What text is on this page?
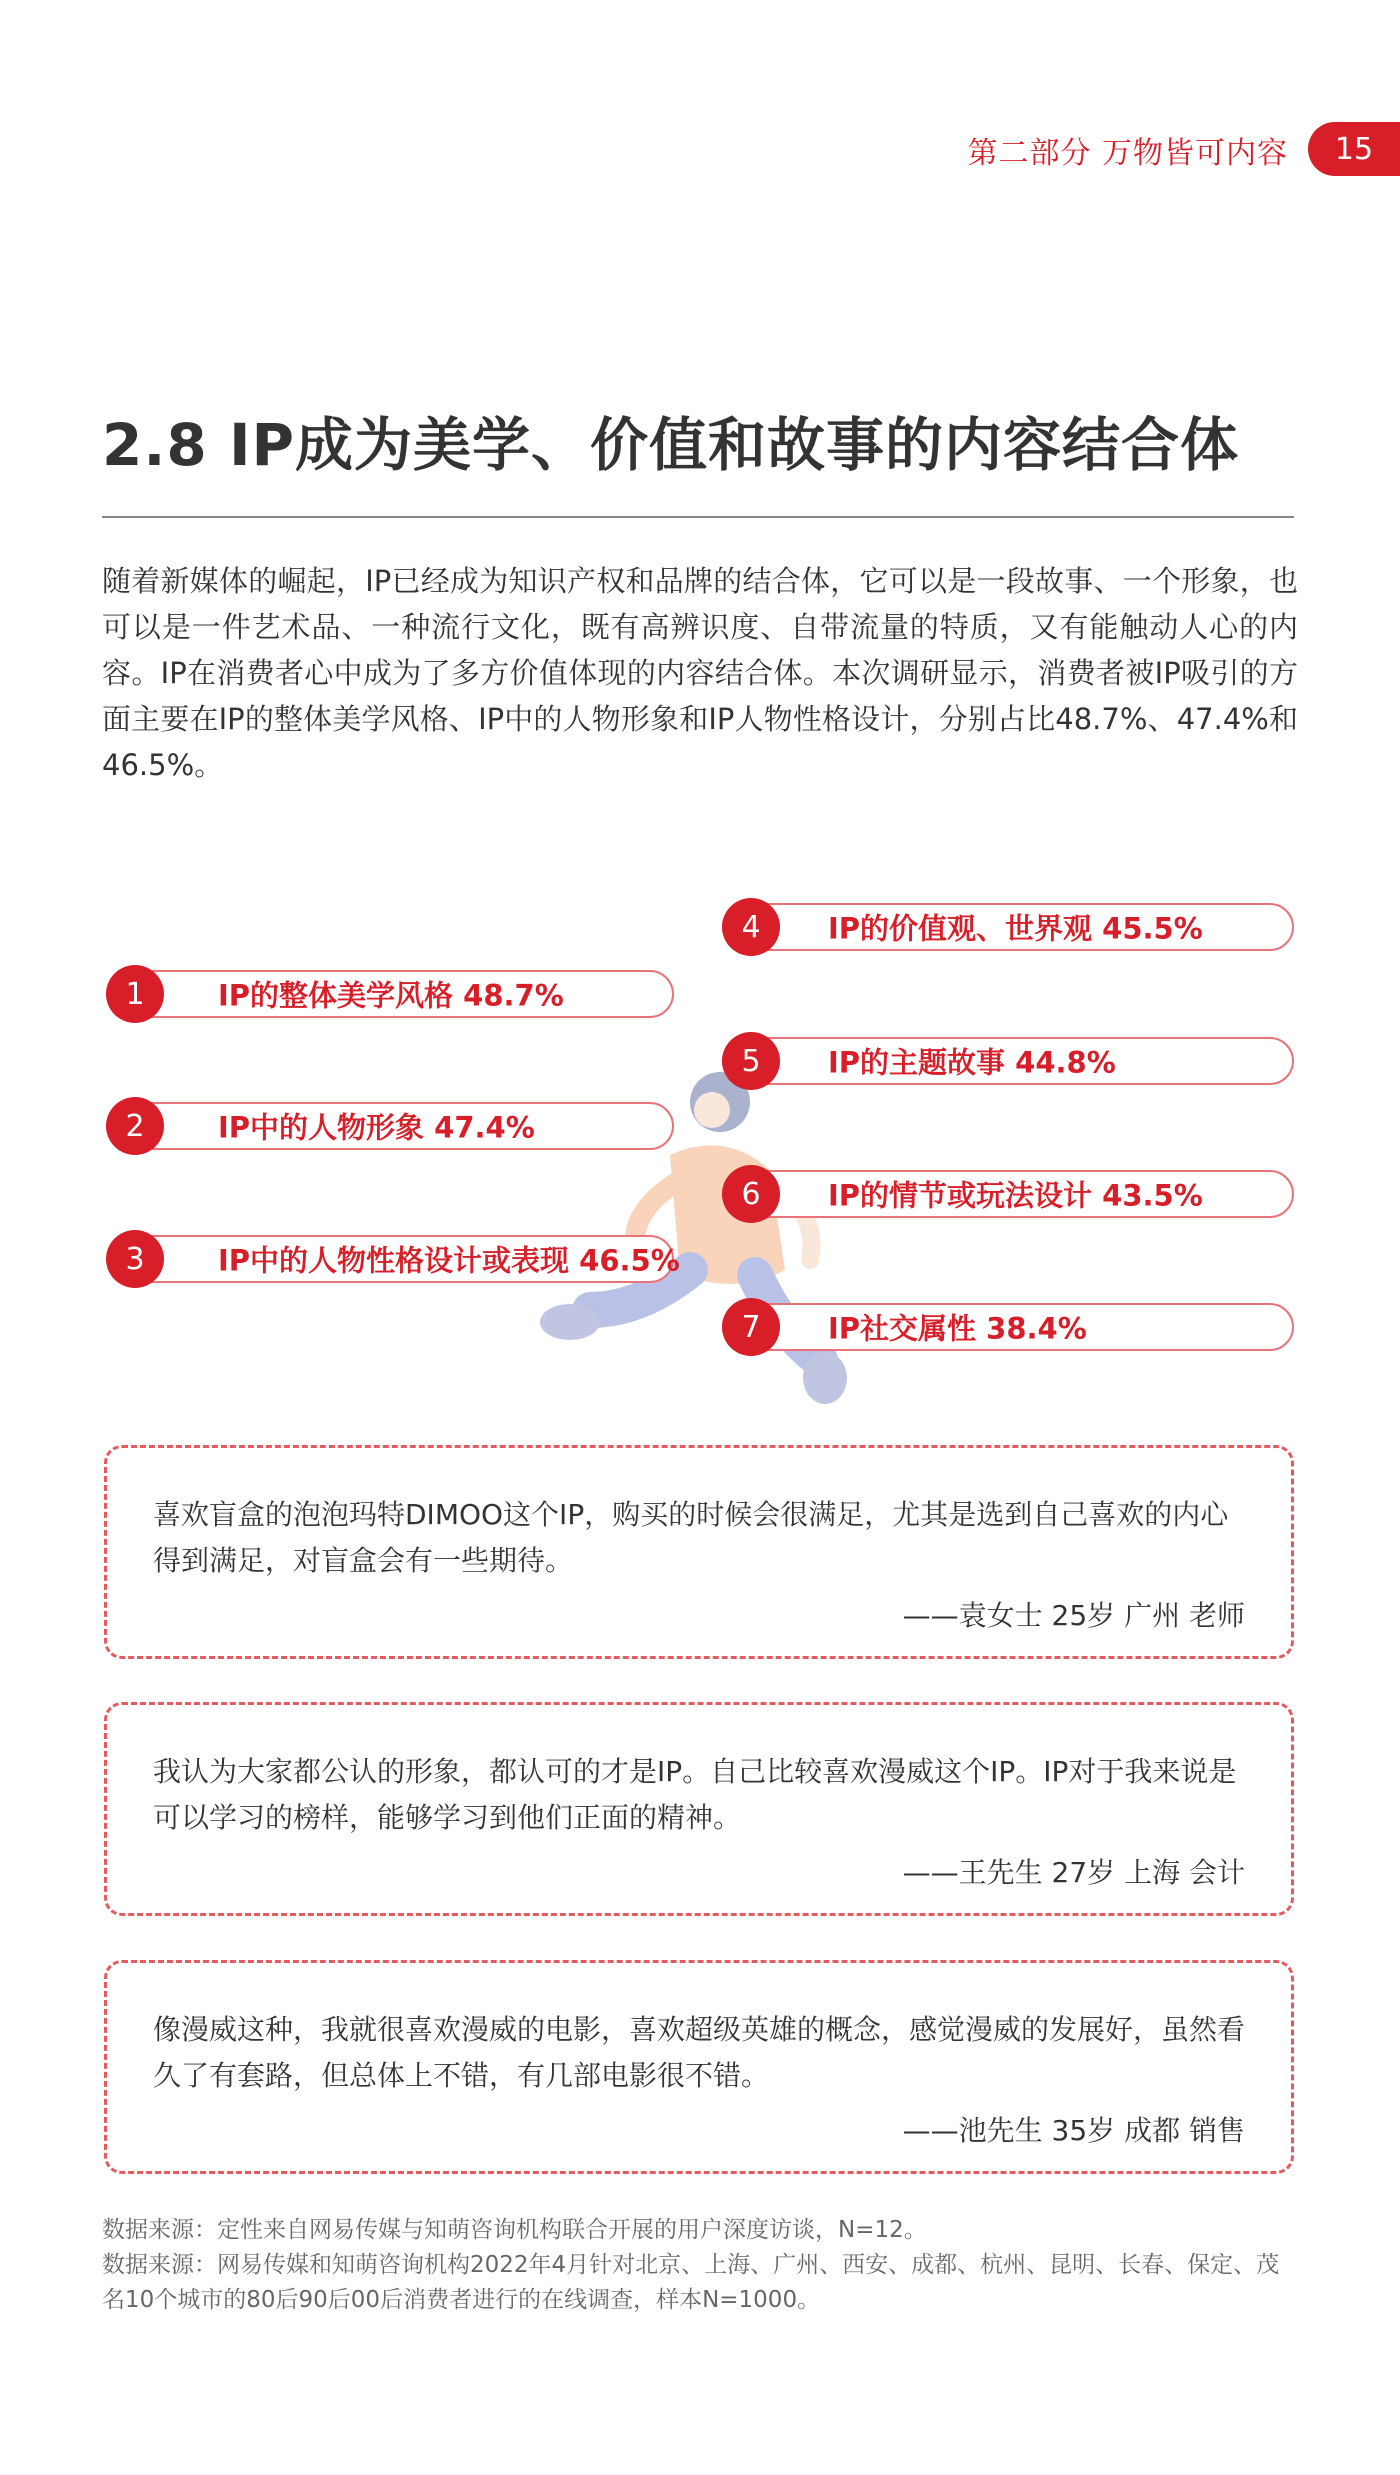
第二部分 万物皆可内容	15
2.8 IP成为美学、价值和故事的内容结合体
随着新媒体的崛起，IP已经成为知识产权和品牌的结合体，它可以是一段故事、一个形象，也可以是一件艺术品、一种流行文化，既有高辨识度、自带流量的特质，又有能触动人心的内容。IP在消费者心中成为了多方价值体现的内容结合体。本次调研显示，消费者被IP吸引的方面主要在IP的整体美学风格、IP中的人物形象和IP人物性格设计，分别占比48.7%、47.4%和46.5%。
IP的整体美学风格 48.7%
1
IP中的人物形象 47.4%
2
IP中的人物性格设计或表现 46.5%
3
IP的价值观、世界观 45.5%
4
IP的主题故事 44.8%
5
IP的情节或玩法设计 43.5%
6
IP社交属性 38.4%
7
喜欢盲盒的泡泡玛特DIMOO这个IP，购买的时候会很满足，尤其是选到自己喜欢的内心得到满足，对盲盒会有一些期待。
——袁女士 25岁 广州 老师
我认为大家都公认的形象，都认可的才是IP。自己比较喜欢漫威这个IP。IP对于我来说是可以学习的榜样，能够学习到他们正面的精神。
——王先生 27岁 上海 会计
像漫威这种，我就很喜欢漫威的电影，喜欢超级英雄的概念，感觉漫威的发展好，虽然看久了有套路，但总体上不错，有几部电影很不错。
——池先生 35岁 成都 销售
数据来源：定性来自网易传媒与知萌咨询机构联合开展的用户深度访谈，N=12。
数据来源：网易传媒和知萌咨询机构2022年4月针对北京、上海、广州、西安、成都、杭州、昆明、长春、保定、茂名10个城市的80后90后00后消费者进行的在线调查，样本N=1000。
